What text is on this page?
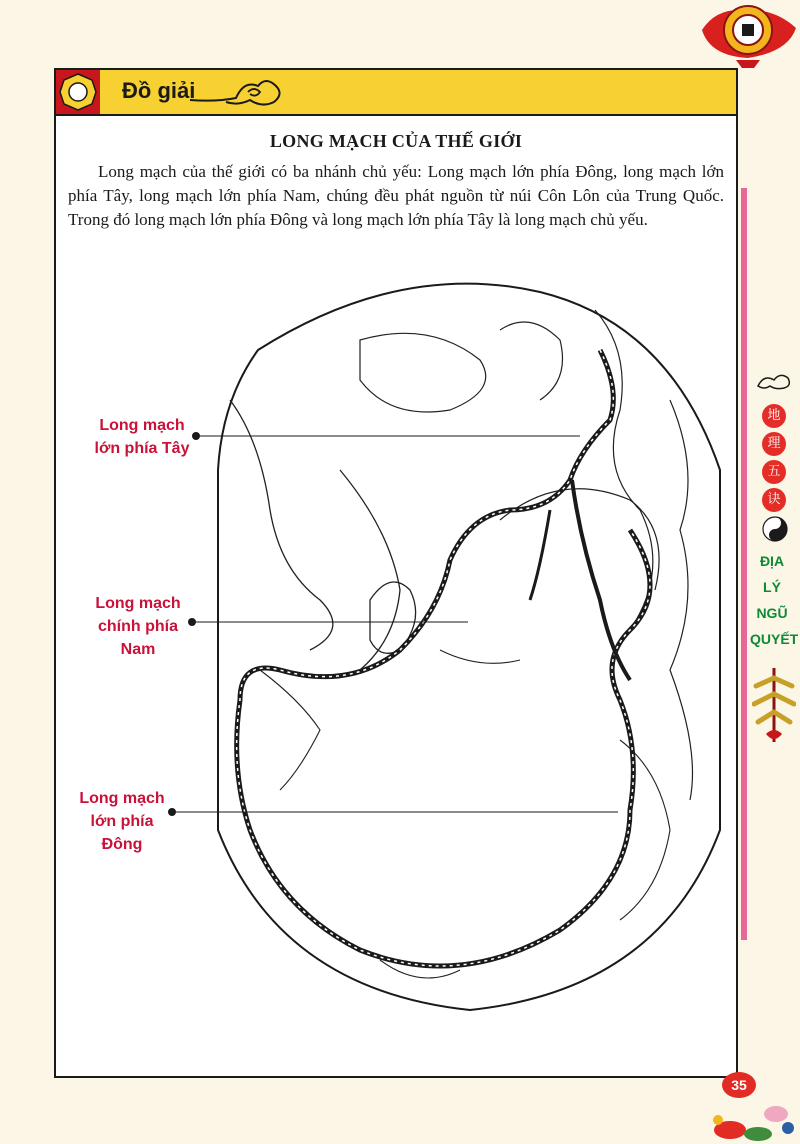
Đồ giải
LONG MẠCH CỦA THẾ GIỚI

Long mạch của thế giới có ba nhánh chủ yếu: Long mạch lớn phía Đông, long mạch lớn phía Tây, long mạch lớn phía Nam, chúng đều phát nguồn từ núi Côn Lôn của Trung Quốc. Trong đó long mạch lớn phía Đông và long mạch lớn phía Tây là long mạch chủ yếu.

Long mạch
lớn phía Tây
Long mạch
chính phía
Nam
Long mạch
lớn phía
Đông
地
理
五
诀
ĐỊA
LÝ
NGŨ
QUYẾT
35
